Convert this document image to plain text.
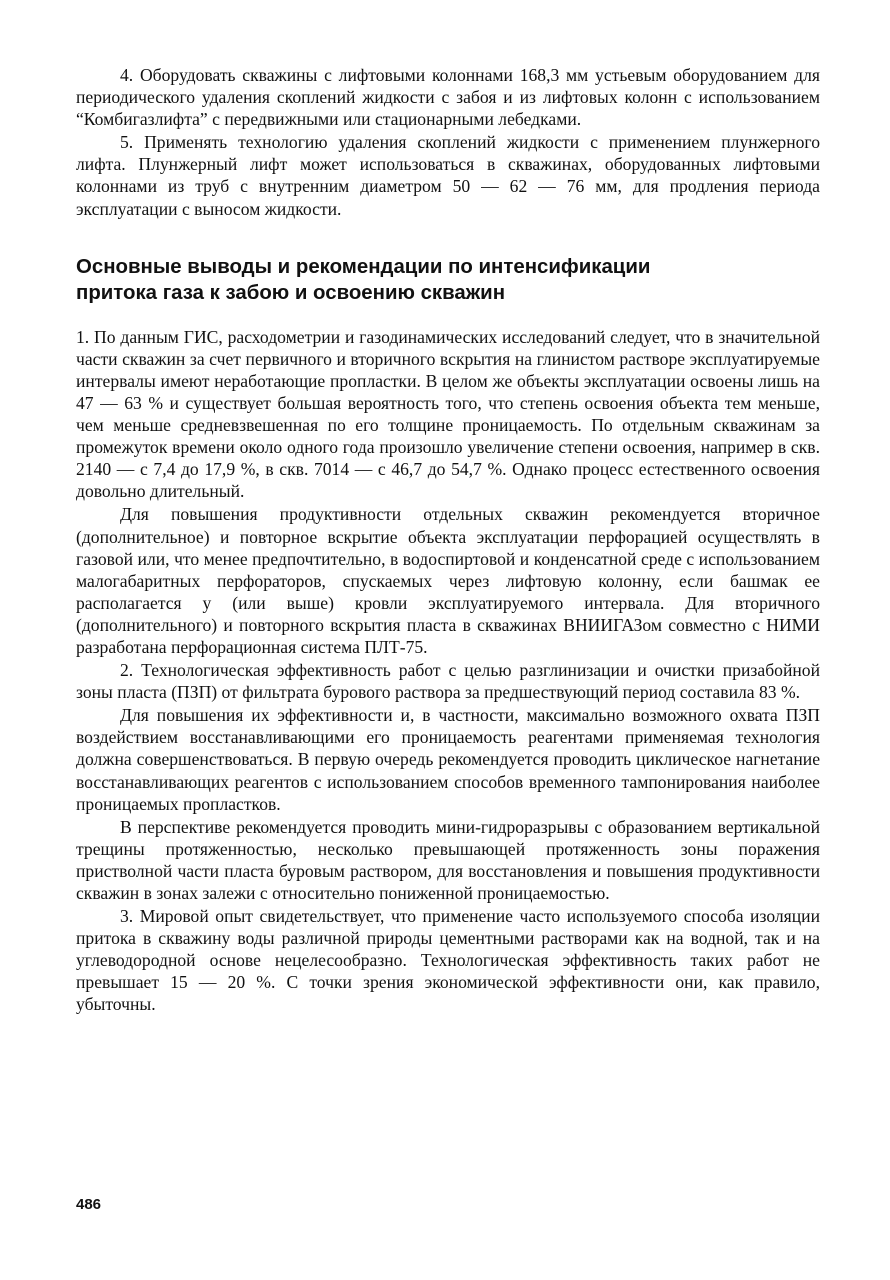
4. Оборудовать скважины с лифтовыми колоннами 168,3 мм устьевым оборудованием для периодического удаления скоплений жидкости с забоя и из лифтовых колонн с использованием “Комбигазлифта” с передвижными или стационарными лебедками.

5. Применять технологию удаления скоплений жидкости с применением плунжерного лифта. Плунжерный лифт может использоваться в скважинах, оборудованных лифтовыми колоннами из труб с внутренним диаметром 50 — 62 — 76 мм, для продления периода эксплуатации с выносом жидкости.

Основные выводы и рекомендации по интенсификации
притока газа к забою и освоению скважин

1. По данным ГИС, расходометрии и газодинамических исследований следует, что в значительной части скважин за счет первичного и вторичного вскрытия на глинистом растворе эксплуатируемые интервалы имеют неработающие пропластки. В целом же объекты эксплуатации освоены лишь на 47 — 63 % и существует большая вероятность того, что степень освоения объекта тем меньше, чем меньше средневзвешенная по его толщине проницаемость. По отдельным скважинам за промежуток времени около одного года произошло увеличение степени освоения, например в скв. 2140 — с 7,4 до 17,9 %, в скв. 7014 — с 46,7 до 54,7 %. Однако процесс естественного освоения довольно длительный.

Для повышения продуктивности отдельных скважин рекомендуется вторичное (дополнительное) и повторное вскрытие объекта эксплуатации перфорацией осуществлять в газовой или, что менее предпочтительно, в водоспиртовой и конденсатной среде с использованием малогабаритных перфораторов, спускаемых через лифтовую колонну, если башмак ее располагается у (или выше) кровли эксплуатируемого интервала. Для вторичного (дополнительного) и повторного вскрытия пласта в скважинах ВНИИГАЗом совместно с НИМИ разработана перфорационная система ПЛТ-75.

2. Технологическая эффективность работ с целью разглинизации и очистки призабойной зоны пласта (ПЗП) от фильтрата бурового раствора за предшествующий период составила 83 %.

Для повышения их эффективности и, в частности, максимально возможного охвата ПЗП воздействием восстанавливающими его проницаемость реагентами применяемая технология должна совершенствоваться. В первую очередь рекомендуется проводить циклическое нагнетание восстанавливающих реагентов с использованием способов временного тампонирования наиболее проницаемых пропластков.

В перспективе рекомендуется проводить мини-гидроразрывы с образованием вертикальной трещины протяженностью, несколько превышающей протяженность зоны поражения пристволной части пласта буровым раствором, для восстановления и повышения продуктивности скважин в зонах залежи с относительно пониженной проницаемостью.

3. Мировой опыт свидетельствует, что применение часто используемого способа изоляции притока в скважину воды различной природы цементными растворами как на водной, так и на углеводородной основе нецелесообразно. Технологическая эффективность таких работ не превышает 15 — 20 %. С точки зрения экономической эффективности они, как правило, убыточны.

486
